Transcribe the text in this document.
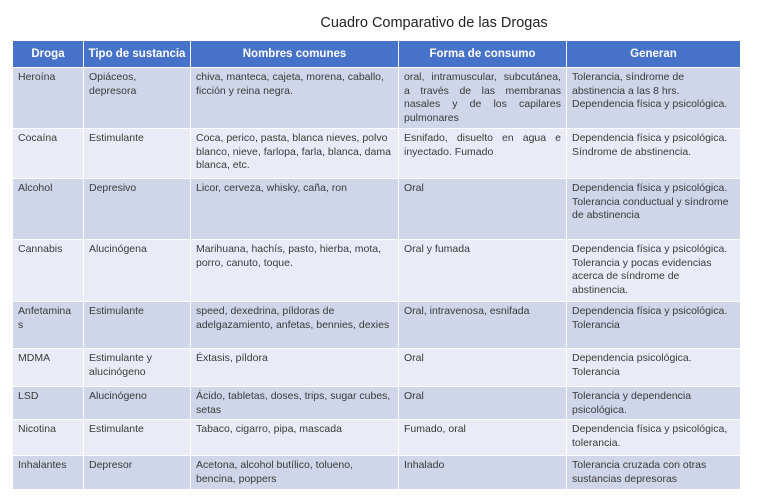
Cuadro Comparativo de las Drogas
Droga	Tipo de sustancia	Nombres comunes	Forma de consumo	Generan
Heroína	Opiáceos, depresora	chiva, manteca, cajeta, morena, caballo, ficción y reina negra.	oral, intramuscular, subcutánea, a través de las membranas nasales y de los capilares pulmonares	Tolerancia, síndrome de abstinencia a las 8 hrs. Dependencia física y psicológica.
Cocaína	Estimulante	Coca, perico, pasta, blanca nieves, polvo blanco, nieve, farlopa, farla, blanca, dama blanca, etc.	Esnifado, disuelto en agua e inyectado. Fumado	Dependencia física y psicológica. Síndrome de abstinencia.
Alcohol	Depresivo	Licor, cerveza, whisky, caña, ron	Oral	Dependencia física y psicológica. Tolerancia conductual y síndrome de abstinencia
Cannabis	Alucinógena	Marihuana, hachís, pasto, hierba, mota, porro, canuto, toque.	Oral y fumada	Dependencia física y psicológica. Tolerancia y pocas evidencias acerca de síndrome de abstinencia.
Anfetamina s	Estimulante	speed, dexedrina, píldoras de adelgazamiento, anfetas, bennies, dexies	Oral, intravenosa, esnifada	Dependencia física y psicológica. Tolerancia
MDMA	Estimulante y alucinógeno	Éxtasis, píldora	Oral	Dependencia psicológica. Tolerancia
LSD	Alucinógeno	Ácido, tabletas, doses, trips, sugar cubes, setas	Oral	Tolerancia y dependencia psicológica.
Nicotina	Estimulante	Tabaco, cigarro, pipa, mascada	Fumado, oral	Dependencia física y psicológica, tolerancia.
Inhalantes	Depresor	Acetona, alcohol butílico, tolueno, bencina, poppers	Inhalado	Tolerancia cruzada con otras sustancias depresoras
